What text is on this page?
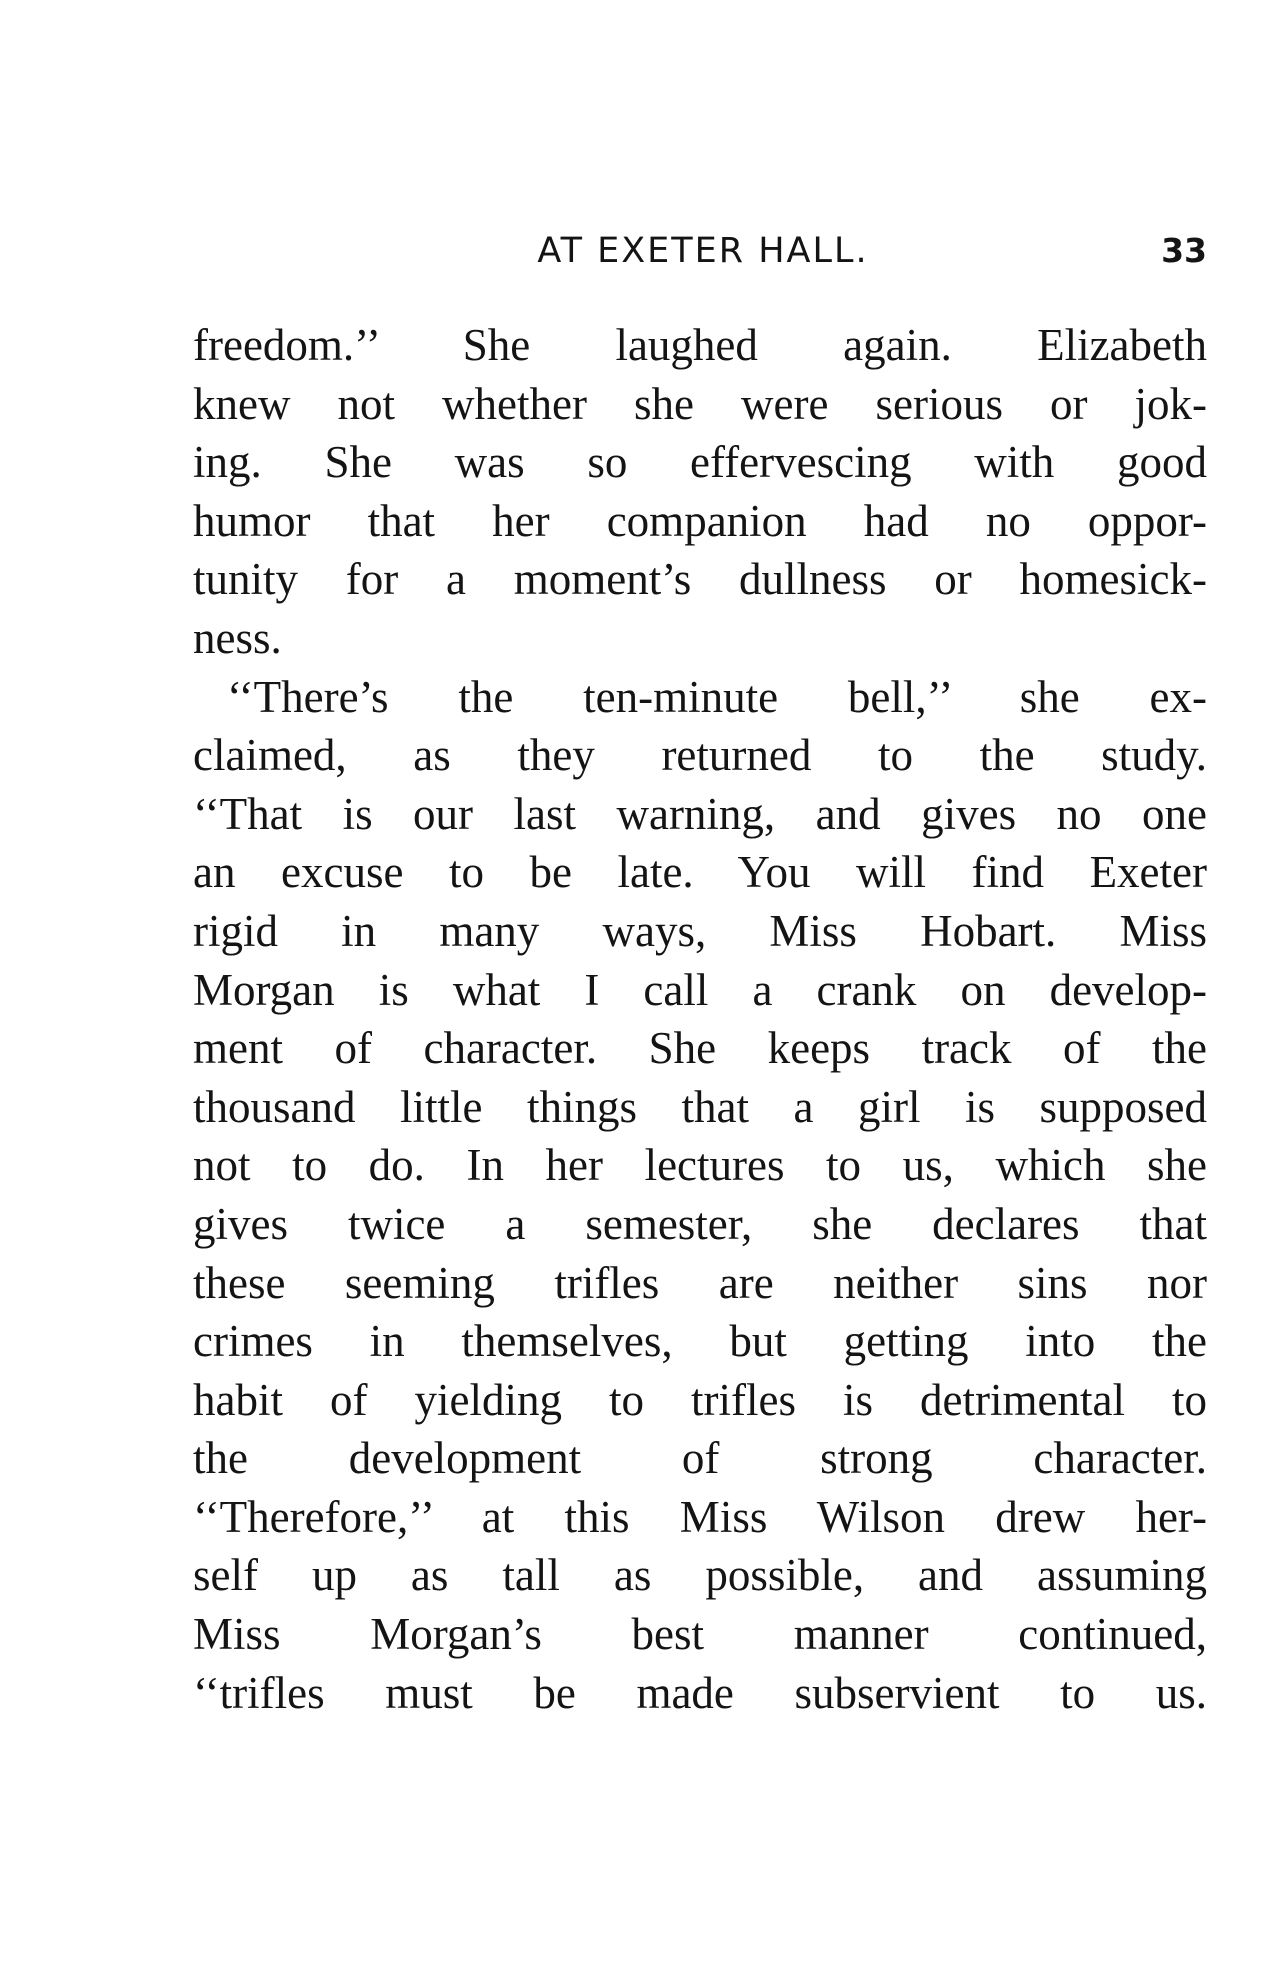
AT EXETER HALL.	33
freedom.’’ She laughed again. Elizabeth
knew not whether she were serious or jok-
ing. She was so effervescing with good
humor that her companion had no oppor-
tunity for a moment’s dullness or homesick-
ness.
‘‘There’s the ten-minute bell,’’ she ex-
claimed, as they returned to the study.
‘‘That is our last warning, and gives no one
an excuse to be late. You will find Exeter
rigid in many ways, Miss Hobart. Miss
Morgan is what I call a crank on develop-
ment of character. She keeps track of the
thousand little things that a girl is supposed
not to do. In her lectures to us, which she
gives twice a semester, she declares that
these seeming trifles are neither sins nor
crimes in themselves, but getting into the
habit of yielding to trifles is detrimental to
the development of strong character.
‘‘Therefore,’’ at this Miss Wilson drew her-
self up as tall as possible, and assuming
Miss Morgan’s best manner continued,
‘‘trifles must be made subservient to us.
